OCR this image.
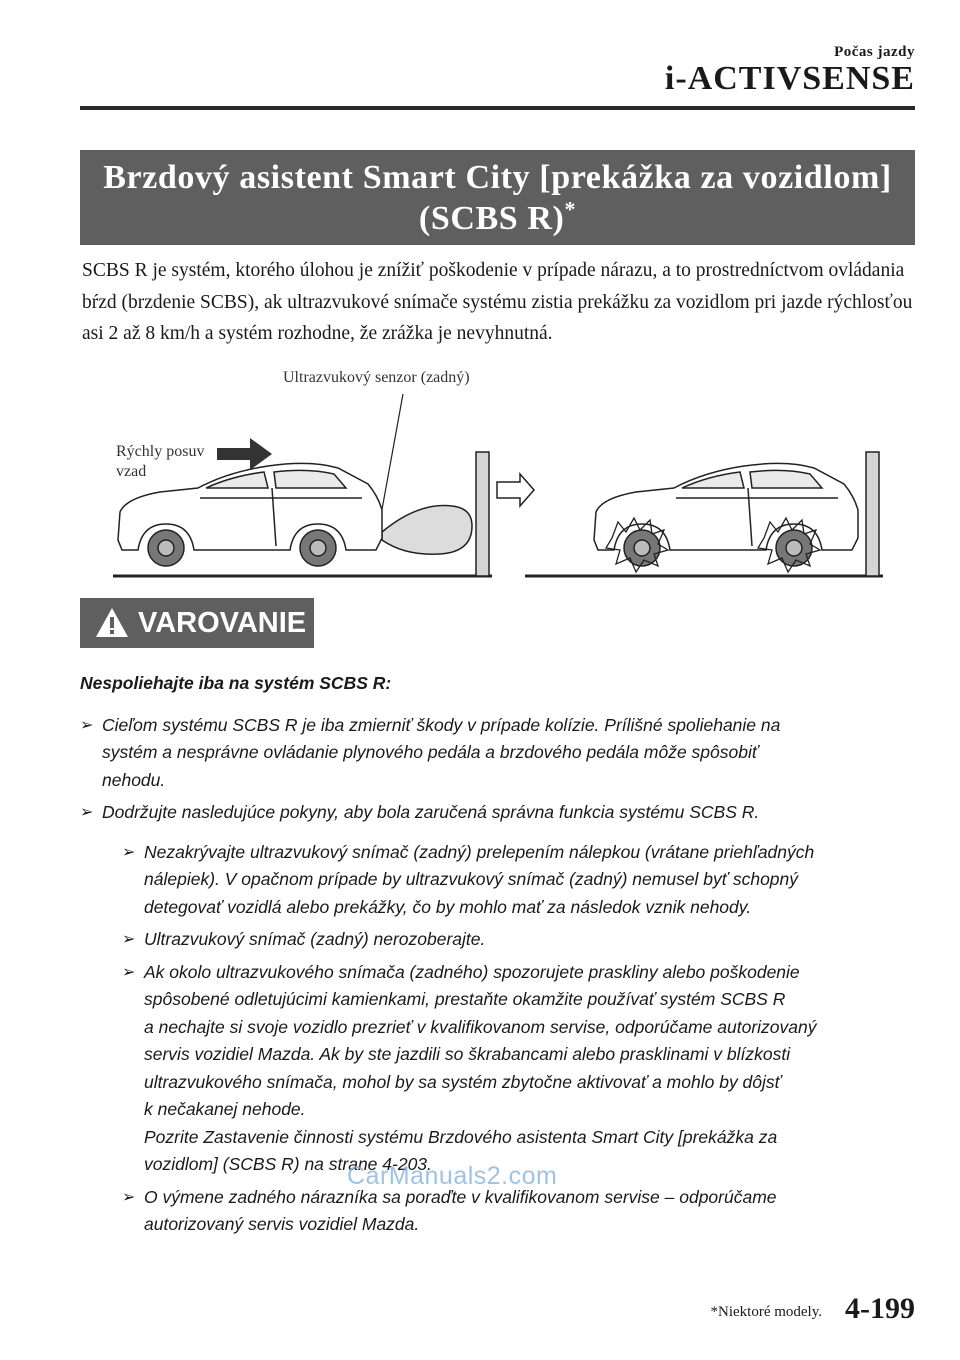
Počas jazdy
i-ACTIVSENSE
Brzdový asistent Smart City [prekážka za vozidlom]
(SCBS R)*

SCBS R je systém, ktorého úlohou je znížiť poškodenie v prípade nárazu, a to prostredníctvom ovládania bŕzd (brzdenie SCBS), ak ultrazvukové snímače systému zistia prekážku za vozidlom pri jazde rýchlosťou asi 2 až 8 km/h a systém rozhodne, že zrážka je nevyhnutná.

Ultrazvukový senzor (zadný)
Rýchly posuv
vzad
VAROVANIE

Nespoliehajte iba na systém SCBS R:

➢ Cieľom systému SCBS R je iba zmierniť škody v prípade kolízie. Prílišné spoliehanie na
systém a nesprávne ovládanie plynového pedála a brzdového pedála môže spôsobiť
nehodu.
➢ Dodržujte nasledujúce pokyny, aby bola zaručená správna funkcia systému SCBS R.
➢ Nezakrývajte ultrazvukový snímač (zadný) prelepením nálepkou (vrátane priehľadných
nálepiek). V opačnom prípade by ultrazvukový snímač (zadný) nemusel byť schopný
detegovať vozidlá alebo prekážky, čo by mohlo mať za následok vznik nehody.
➢ Ultrazvukový snímač (zadný) nerozoberajte.
➢ Ak okolo ultrazvukového snímača (zadného) spozorujete praskliny alebo poškodenie
spôsobené odletujúcimi kamienkami, prestaňte okamžite používať systém SCBS R
a nechajte si svoje vozidlo prezrieť v kvalifikovanom servise, odporúčame autorizovaný
servis vozidiel Mazda. Ak by ste jazdili so škrabancami alebo prasklinami v blízkosti
ultrazvukového snímača, mohol by sa systém zbytočne aktivovať a mohlo by dôjsť
k nečakanej nehode.
Pozrite Zastavenie činnosti systému Brzdového asistenta Smart City [prekážka za
vozidlom] (SCBS R) na strane 4-203.
➢ O výmene zadného nárazníka sa poraďte v kvalifikovanom servise – odporúčame
autorizovaný servis vozidiel Mazda.
CarManuals2.com
*Niektoré modely. 4-199
